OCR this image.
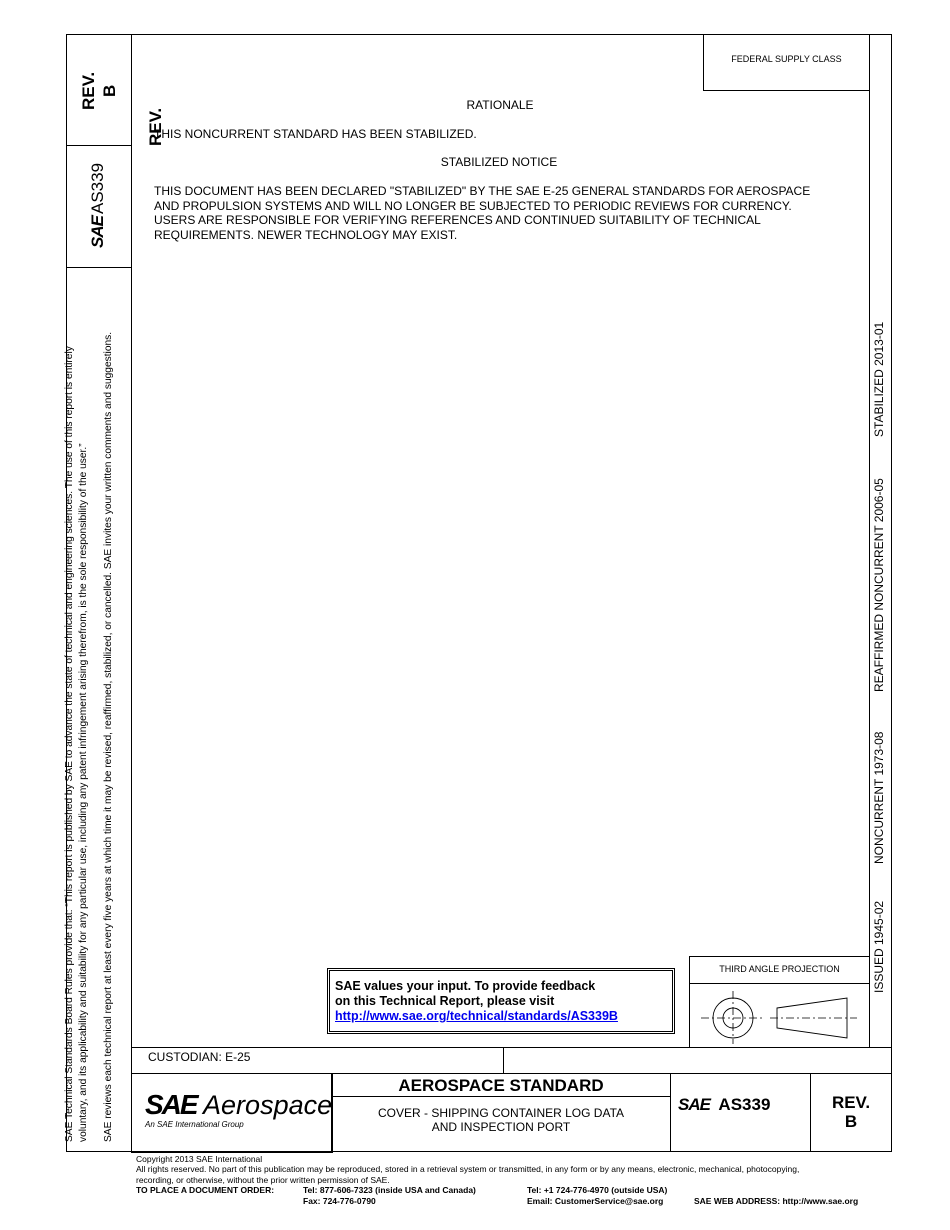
REV.
REV. B
SAE
AS339
SAE Technical Standards Board Rules provide that: “This report is published by SAE to advance the state of technical and engineering sciences. The use of this report is entirely voluntary, and its applicability and suitability for any particular use, including any patent infringement arising therefrom, is the sole responsibility of the user.” SAE reviews each technical report at least every five years at which time it may be revised, reaffirmed, stabilized, or cancelled. SAE invites your written comments and suggestions.	ISSUED 1945-02
NONCURRENT 1973-08
REAFFIRMED NONCURRENT 2006-05
STABILIZED 2013-01
FEDERAL SUPPLY CLASS
RATIONALE
THIS NONCURRENT STANDARD HAS BEEN STABILIZED.
STABILIZED NOTICE
THIS DOCUMENT HAS BEEN DECLARED "STABILIZED" BY THE SAE E-25 GENERAL STANDARDS FOR AEROSPACE
AND PROPULSION SYSTEMS AND WILL NO LONGER BE SUBJECTED TO PERIODIC REVIEWS FOR CURRENCY.
USERS ARE RESPONSIBLE FOR VERIFYING REFERENCES AND CONTINUED SUITABILITY OF TECHNICAL
REQUIREMENTS. NEWER TECHNOLOGY MAY EXIST.
SAE values your input. To provide feedback
on this Technical Report, please visit
http://www.sae.org/technical/standards/AS339B
THIRD ANGLE PROJECTION
CUSTODIAN: E-25
SAE Aerospace
An SAE International Group
AEROSPACE STANDARD
COVER - SHIPPING CONTAINER LOG DATA
AND INSPECTION PORT
SAE AS339	REV.
B
Copyright 2013 SAE International
All rights reserved. No part of this publication may be reproduced, stored in a retrieval system or transmitted, in any form or by any means, electronic, mechanical, photocopying,
recording, or otherwise, without the prior written permission of SAE.
TO PLACE A DOCUMENT ORDER:	Tel: 877-606-7323 (inside USA and Canada)
Fax: 724-776-0790
Tel: +1 724-776-4970 (outside USA)
Email: CustomerService@sae.org	SAE WEB ADDRESS: http://www.sae.org
